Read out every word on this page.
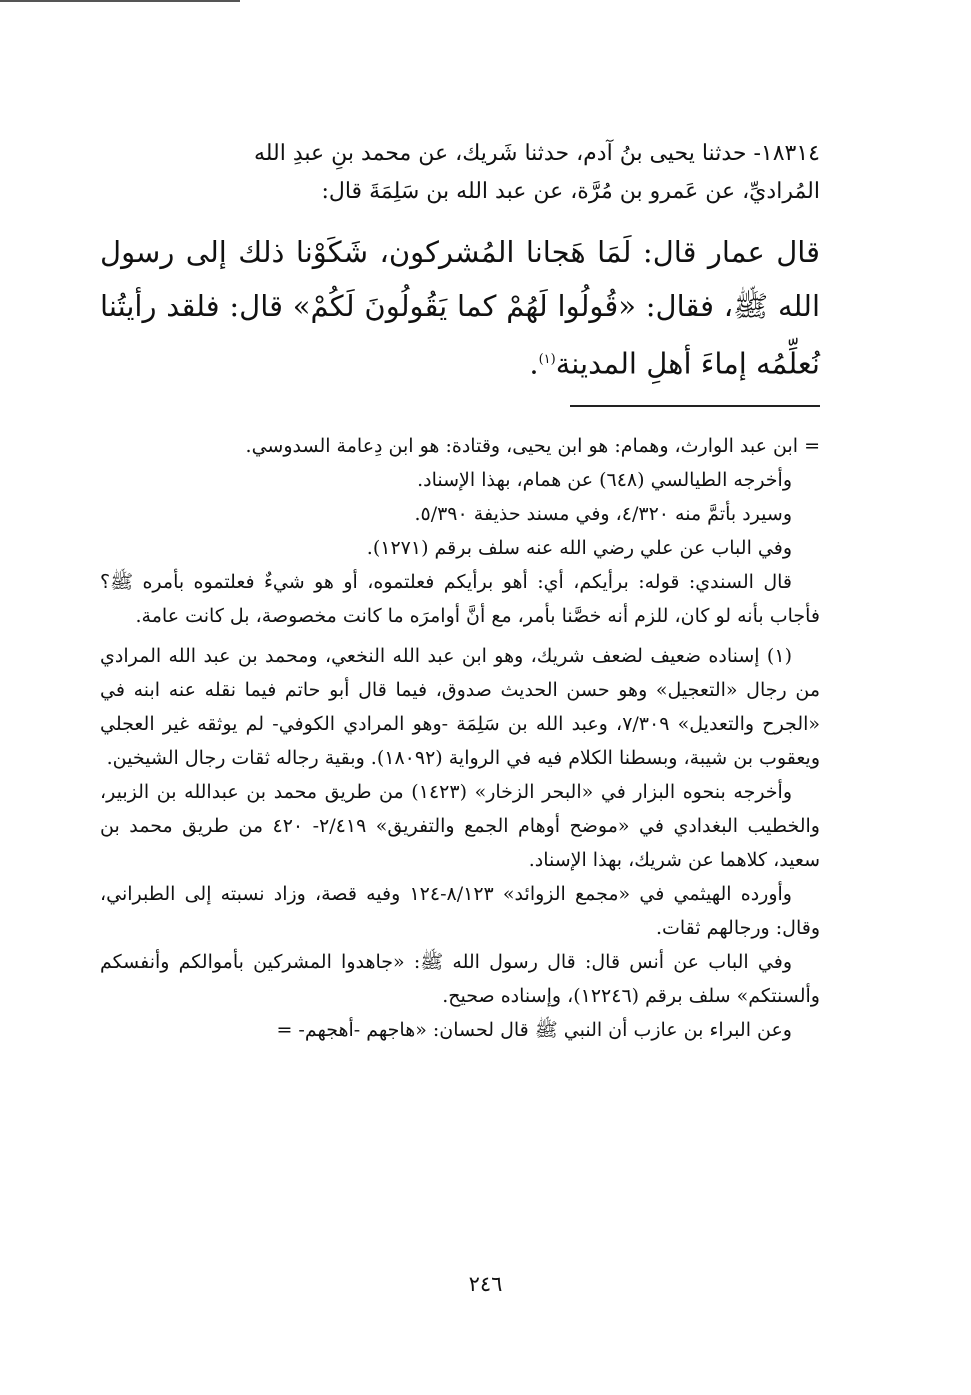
١٨٣١٤- حدثنا يحيى بنُ آدم، حدثنا شَريك، عن محمد بنِ عبدِ الله

المُراديِّ، عن عَمرو بن مُرَّة، عن عبد الله بن سَلِمَةَ قال:

قال عمار قال: لَمَا هَجانا المُشركون، شَكَوْنا ذلك إلى رسول الله ﷺ، فقال: «قُولُوا لَهُمْ كما يَقُولُونَ لَكُمْ» قال: فلقد رأيتُنا نُعلِّمُه إماءَ أهلِ المدينة$^{(١)}$.

= ابن عبد الوارث، وهمام: هو ابن يحيى، وقتادة: هو ابن دِعامة السدوسي.

وأخرجه الطيالسي (٦٤٨) عن همام، بهذا الإسناد.

وسيرد بأتمَّ منه ٤/٣٢٠، وفي مسند حذيفة ٥/٣٩٠.

وفي الباب عن علي رضي الله عنه سلف برقم (١٢٧١).

قال السندي: قوله: برأيكم، أي: أهو برأيكم فعلتموه، أو هو شيءٌ فعلتموه بأمره ﷺ؟ فأجاب بأنه لو كان، للزم أنه خصَّنا بأمر، مع أنَّ أوامرَه ما كانت مخصوصة، بل كانت عامة.

(١) إسناده ضعيف لضعف شريك، وهو ابن عبد الله النخعي، ومحمد بن عبد الله المرادي من رجال «التعجيل» وهو حسن الحديث صدوق، فيما قال أبو حاتم فيما نقله عنه ابنه في «الجرح والتعديل» ٧/٣٠٩، وعبد الله بن سَلِمَة -وهو المرادي الكوفي- لم يوثقه غير العجلي ويعقوب بن شيبة، وبسطنا الكلام فيه في الرواية (١٨٠٩٢). وبقية رجاله ثقات رجال الشيخين.

وأخرجه بنحوه البزار في «البحر الزخار» (١٤٢٣) من طريق محمد بن عبدالله بن الزبير، والخطيب البغدادي في «موضح أوهام الجمع والتفريق» ٢/٤١٩- ٤٢٠ من طريق محمد بن سعيد، كلاهما عن شريك، بهذا الإسناد.

وأورده الهيثمي في «مجمع الزوائد» ٨/١٢٣-١٢٤ وفيه قصة، وزاد نسبته إلى الطبراني، وقال: ورجالهم ثقات.

وفي الباب عن أنس قال: قال رسول الله ﷺ: «جاهدوا المشركين بأموالكم وأنفسكم وألسنتكم» سلف برقم (١٢٢٤٦)، وإسناده صحيح.

وعن البراء بن عازب أن النبي ﷺ قال لحسان: «هاجهم -أهجهم- =

٢٤٦
